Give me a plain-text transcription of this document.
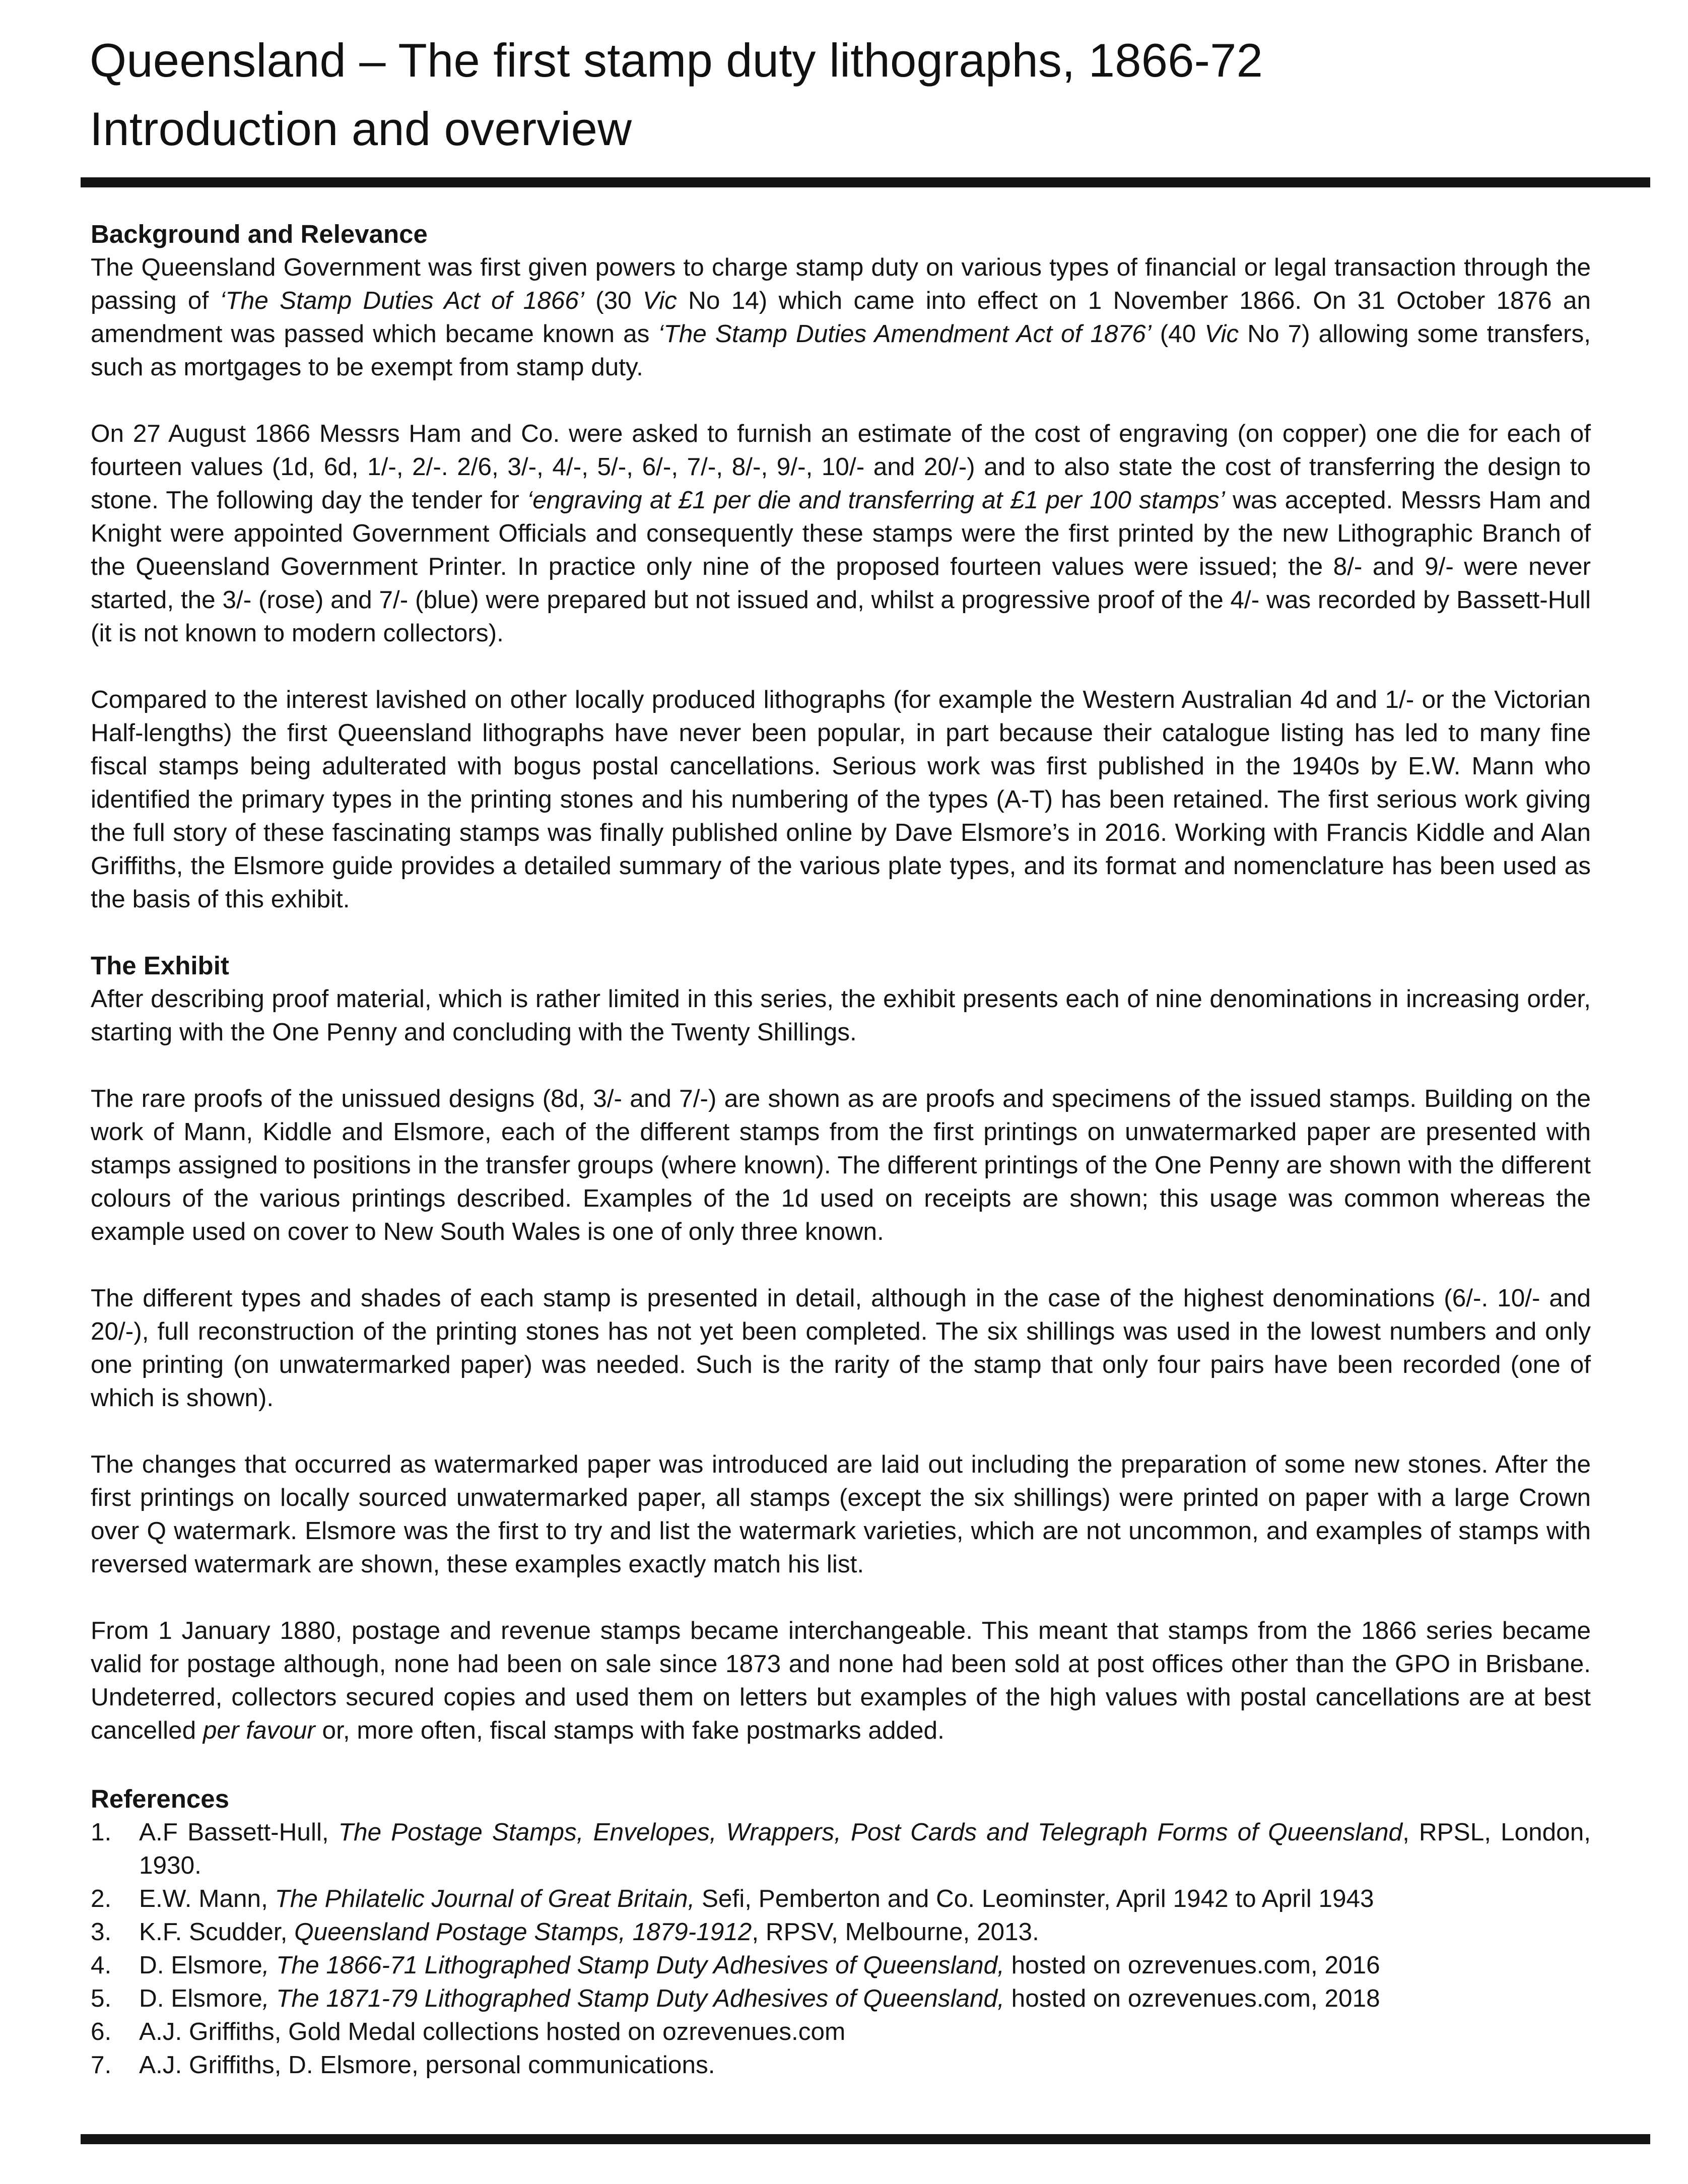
Queensland – The first stamp duty lithographs, 1866-72
Introduction and overview
Background and Relevance

The Queensland Government was first given powers to charge stamp duty on various types of financial or legal transaction through the passing of ‘The Stamp Duties Act of 1866’ (30 Vic No 14) which came into effect on 1 November 1866. On 31 October 1876 an amendment was passed which became known as ‘The Stamp Duties Amendment Act of 1876’ (40 Vic No 7) allowing some transfers, such as mortgages to be exempt from stamp duty.

On 27 August 1866 Messrs Ham and Co. were asked to furnish an estimate of the cost of engraving (on copper) one die for each of fourteen values (1d, 6d, 1/-, 2/-. 2/6, 3/-, 4/-, 5/-, 6/-, 7/-, 8/-, 9/-, 10/- and 20/-) and to also state the cost of transferring the design to stone. The following day the tender for ‘engraving at £1 per die and transferring at £1 per 100 stamps’ was accepted. Messrs Ham and Knight were appointed Government Officials and consequently these stamps were the first printed by the new Lithographic Branch of the Queensland Government Printer. In practice only nine of the proposed fourteen values were issued; the 8/- and 9/- were never started, the 3/- (rose) and 7/- (blue) were prepared but not issued and, whilst a progressive proof of the 4/- was recorded by Bassett-Hull (it is not known to modern collectors).

Compared to the interest lavished on other locally produced lithographs (for example the Western Australian 4d and 1/- or the Victorian Half-lengths) the first Queensland lithographs have never been popular, in part because their catalogue listing has led to many fine fiscal stamps being adulterated with bogus postal cancellations. Serious work was first published in the 1940s by E.W. Mann who identified the primary types in the printing stones and his numbering of the types (A-T) has been retained. The first serious work giving the full story of these fascinating stamps was finally published online by Dave Elsmore’s in 2016. Working with Francis Kiddle and Alan Griffiths, the Elsmore guide provides a detailed summary of the various plate types, and its format and nomenclature has been used as the basis of this exhibit.

The Exhibit

After describing proof material, which is rather limited in this series, the exhibit presents each of nine denominations in increasing order, starting with the One Penny and concluding with the Twenty Shillings.

The rare proofs of the unissued designs (8d, 3/- and 7/-) are shown as are proofs and specimens of the issued stamps. Building on the work of Mann, Kiddle and Elsmore, each of the different stamps from the first printings on unwatermarked paper are presented with stamps assigned to positions in the transfer groups (where known). The different printings of the One Penny are shown with the different colours of the various printings described. Examples of the 1d used on receipts are shown; this usage was common whereas the example used on cover to New South Wales is one of only three known.

The different types and shades of each stamp is presented in detail, although in the case of the highest denominations (6/-. 10/- and 20/-), full reconstruction of the printing stones has not yet been completed. The six shillings was used in the lowest numbers and only one printing (on unwatermarked paper) was needed. Such is the rarity of the stamp that only four pairs have been recorded (one of which is shown).

The changes that occurred as watermarked paper was introduced are laid out including the preparation of some new stones. After the first printings on locally sourced unwatermarked paper, all stamps (except the six shillings) were printed on paper with a large Crown over Q watermark. Elsmore was the first to try and list the watermark varieties, which are not uncommon, and examples of stamps with reversed watermark are shown, these examples exactly match his list.

From 1 January 1880, postage and revenue stamps became interchangeable. This meant that stamps from the 1866 series became valid for postage although, none had been on sale since 1873 and none had been sold at post offices other than the GPO in Brisbane. Undeterred, collectors secured copies and used them on letters but examples of the high values with postal cancellations are at best cancelled per favour or, more often, fiscal stamps with fake postmarks added.

References
1. A.F Bassett-Hull, The Postage Stamps, Envelopes, Wrappers, Post Cards and Telegraph Forms of Queensland, RPSL, London, 1930.
2. E.W. Mann, The Philatelic Journal of Great Britain, Sefi, Pemberton and Co. Leominster, April 1942 to April 1943
3. K.F. Scudder, Queensland Postage Stamps, 1879-1912, RPSV, Melbourne, 2013.
4. D. Elsmore, The 1866-71 Lithographed Stamp Duty Adhesives of Queensland, hosted on ozrevenues.com, 2016
5. D. Elsmore, The 1871-79 Lithographed Stamp Duty Adhesives of Queensland, hosted on ozrevenues.com, 2018
6. A.J. Griffiths, Gold Medal collections hosted on ozrevenues.com
7. A.J. Griffiths, D. Elsmore, personal communications.
